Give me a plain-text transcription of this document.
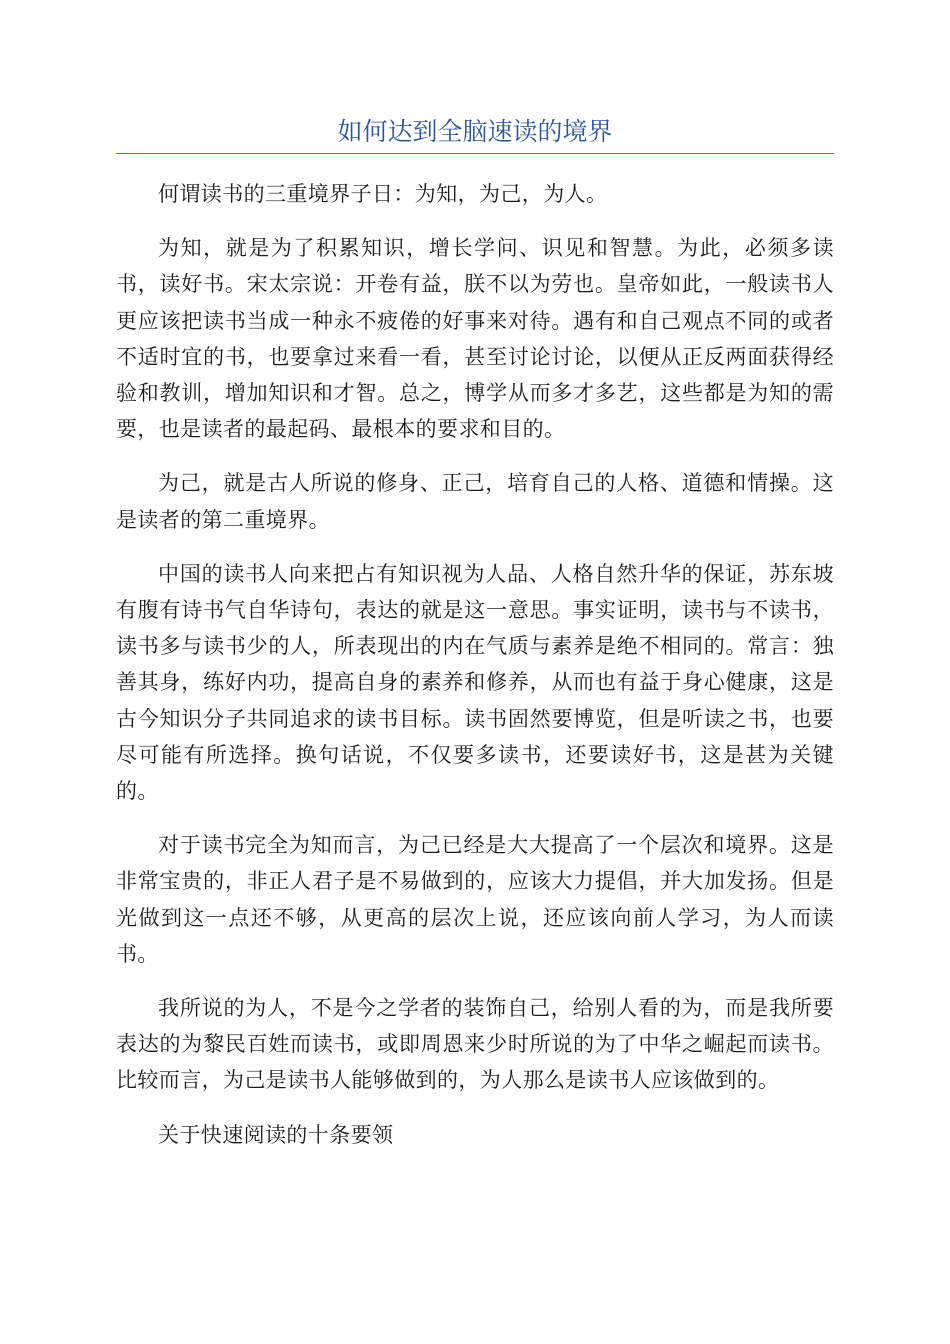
如何达到全脑速读的境界

何谓读书的三重境界子日：为知，为己，为人。

为知，就是为了积累知识，增长学问、识见和智慧。为此，必须多读书，读好书。宋太宗说：开卷有益，朕不以为劳也。皇帝如此，一般读书人更应该把读书当成一种永不疲倦的好事来对待。遇有和自己观点不同的或者不适时宜的书，也要拿过来看一看，甚至讨论讨论，以便从正反两面获得经验和教训，增加知识和才智。总之，博学从而多才多艺，这些都是为知的需要，也是读者的最起码、最根本的要求和目的。

为己，就是古人所说的修身、正己，培育自己的人格、道德和情操。这是读者的第二重境界。

中国的读书人向来把占有知识视为人品、人格自然升华的保证，苏东坡有腹有诗书气自华诗句，表达的就是这一意思。事实证明，读书与不读书，读书多与读书少的人，所表现出的内在气质与素养是绝不相同的。常言：独善其身，练好内功，提高自身的素养和修养，从而也有益于身心健康，这是古今知识分子共同追求的读书目标。读书固然要博览，但是听读之书，也要尽可能有所选择。换句话说，不仅要多读书，还要读好书，这是甚为关键的。

对于读书完全为知而言，为己已经是大大提高了一个层次和境界。这是非常宝贵的，非正人君子是不易做到的，应该大力提倡，并大加发扬。但是光做到这一点还不够，从更高的层次上说，还应该向前人学习，为人而读书。

我所说的为人，不是今之学者的装饰自己，给别人看的为，而是我所要表达的为黎民百姓而读书，或即周恩来少时所说的为了中华之崛起而读书。比较而言，为己是读书人能够做到的，为人那么是读书人应该做到的。

关于快速阅读的十条要领
